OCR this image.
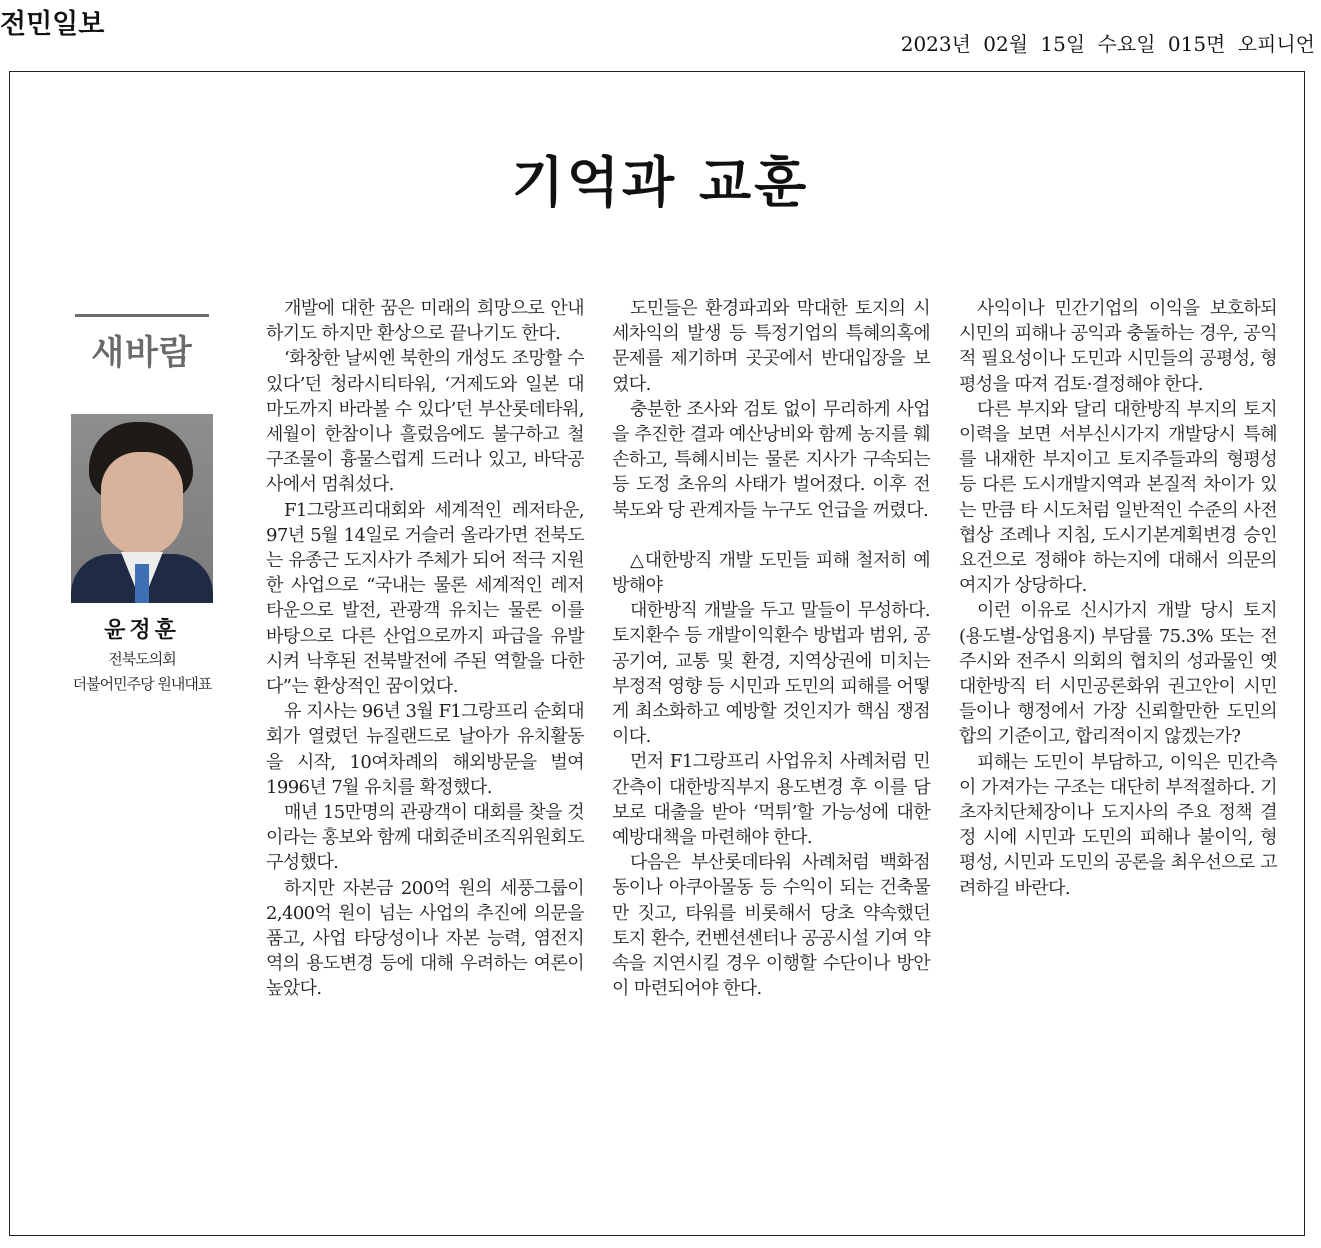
전민일보
2023년 02월 15일 수요일 015면 오피니언
기억과 교훈
새바람
윤정훈
전북도의회
더불어민주당 원내대표

개발에 대한 꿈은 미래의 희망으로 안내하기도 하지만 환상으로 끝나기도 한다.

‘화창한 날씨엔 북한의 개성도 조망할 수 있다’던 청라시티타워, ‘거제도와 일본 대마도까지 바라볼 수 있다’던 부산롯데타워, 세월이 한참이나 흘렀음에도 불구하고 철구조물이 흉물스럽게 드러나 있고, 바닥공사에서 멈춰섰다.

F1그랑프리대회와 세계적인 레저타운, 97년 5월 14일로 거슬러 올라가면 전북도는 유종근 도지사가 주체가 되어 적극 지원한 사업으로 “국내는 물론 세계적인 레저타운으로 발전, 관광객 유치는 물론 이를 바탕으로 다른 산업으로까지 파급을 유발시켜 낙후된 전북발전에 주된 역할을 다한다”는 환상적인 꿈이었다.

유 지사는 96년 3월 F1그랑프리 순회대회가 열렸던 뉴질랜드로 날아가 유치활동을 시작, 10여차례의 해외방문을 벌여 1996년 7월 유치를 확정했다.

매년 15만명의 관광객이 대회를 찾을 것이라는 홍보와 함께 대회준비조직위원회도 구성했다.

하지만 자본금 200억 원의 세풍그룹이 2,400억 원이 넘는 사업의 추진에 의문을 품고, 사업 타당성이나 자본 능력, 염전지역의 용도변경 등에 대해 우려하는 여론이 높았다.

도민들은 환경파괴와 막대한 토지의 시세차익의 발생 등 특정기업의 특혜의혹에 문제를 제기하며 곳곳에서 반대입장을 보였다.

충분한 조사와 검토 없이 무리하게 사업을 추진한 결과 예산낭비와 함께 농지를 훼손하고, 특혜시비는 물론 지사가 구속되는 등 도정 초유의 사태가 벌어졌다. 이후 전북도와 당 관계자들 누구도 언급을 꺼렸다.

△대한방직 개발 도민들 피해 철저히 예방해야

대한방직 개발을 두고 말들이 무성하다. 토지환수 등 개발이익환수 방법과 범위, 공공기여, 교통 및 환경, 지역상권에 미치는 부정적 영향 등 시민과 도민의 피해를 어떻게 최소화하고 예방할 것인지가 핵심 쟁점이다.

먼저 F1그랑프리 사업유치 사례처럼 민간측이 대한방직부지 용도변경 후 이를 담보로 대출을 받아 ‘먹튀’할 가능성에 대한 예방대책을 마련해야 한다.

다음은 부산롯데타워 사례처럼 백화점동이나 아쿠아몰동 등 수익이 되는 건축물만 짓고, 타워를 비롯해서 당초 약속했던 토지 환수, 컨벤션센터나 공공시설 기여 약속을 지연시킬 경우 이행할 수단이나 방안이 마련되어야 한다.

사익이나 민간기업의 이익을 보호하되 시민의 피해나 공익과 충돌하는 경우, 공익적 필요성이나 도민과 시민들의 공평성, 형평성을 따져 검토·결정해야 한다.

다른 부지와 달리 대한방직 부지의 토지 이력을 보면 서부신시가지 개발당시 특혜를 내재한 부지이고 토지주들과의 형평성 등 다른 도시개발지역과 본질적 차이가 있는 만큼 타 시도처럼 일반적인 수준의 사전협상 조례나 지침, 도시기본계획변경 승인 요건으로 정해야 하는지에 대해서 의문의 여지가 상당하다.

이런 이유로 신시가지 개발 당시 토지(용도별-상업용지) 부담률 75.3% 또는 전주시와 전주시 의회의 협치의 성과물인 옛 대한방직 터 시민공론화위 권고안이 시민들이나 행정에서 가장 신뢰할만한 도민의 합의 기준이고, 합리적이지 않겠는가?

피해는 도민이 부담하고, 이익은 민간측이 가져가는 구조는 대단히 부적절하다. 기초자치단체장이나 도지사의 주요 정책 결정 시에 시민과 도민의 피해나 불이익, 형평성, 시민과 도민의 공론을 최우선으로 고려하길 바란다.
